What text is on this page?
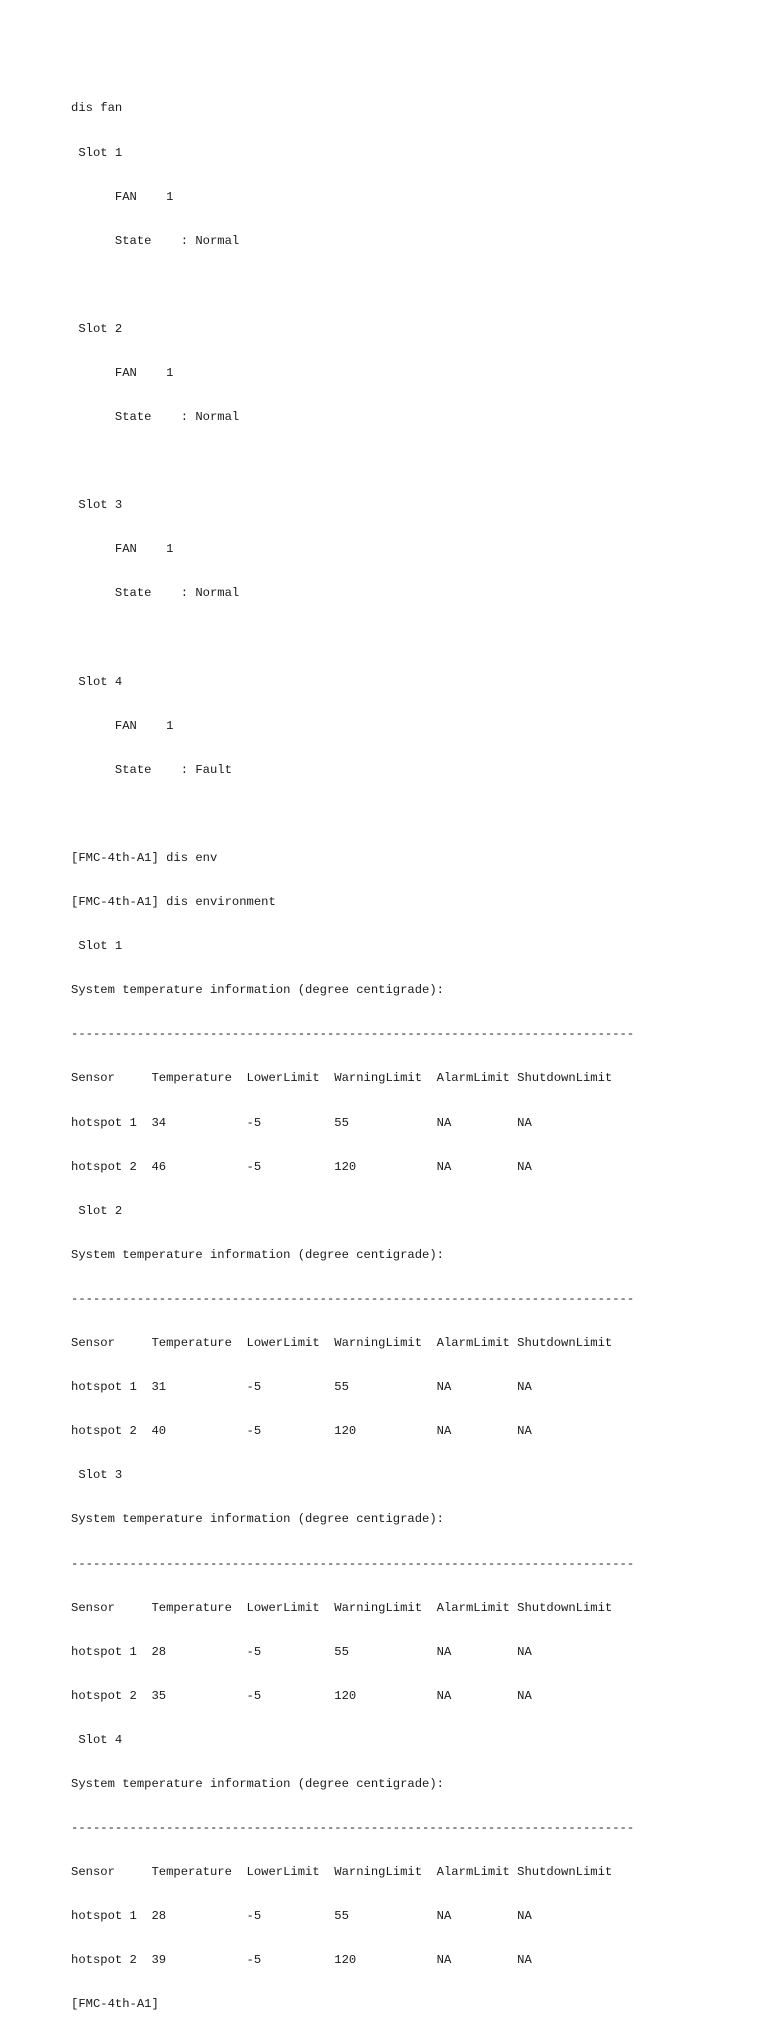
dis fan

Slot 1

FAN    1

State    : Normal

Slot 2

FAN    1

State    : Normal

Slot 3

FAN    1

State    : Normal

Slot 4

FAN    1

State    : Fault

[FMC-4th-A1] dis env

[FMC-4th-A1] dis environment

Slot 1

System temperature information (degree centigrade):

-----------------------------------------------------------------------------

Sensor     Temperature  LowerLimit  WarningLimit  AlarmLimit ShutdownLimit

hotspot 1  34           -5          55            NA         NA

hotspot 2  46           -5          120           NA         NA

Slot 2

System temperature information (degree centigrade):

-----------------------------------------------------------------------------

Sensor     Temperature  LowerLimit  WarningLimit  AlarmLimit ShutdownLimit

hotspot 1  31           -5          55            NA         NA

hotspot 2  40           -5          120           NA         NA

Slot 3

System temperature information (degree centigrade):

-----------------------------------------------------------------------------

Sensor     Temperature  LowerLimit  WarningLimit  AlarmLimit ShutdownLimit

hotspot 1  28           -5          55            NA         NA

hotspot 2  35           -5          120           NA         NA

Slot 4

System temperature information (degree centigrade):

-----------------------------------------------------------------------------

Sensor     Temperature  LowerLimit  WarningLimit  AlarmLimit ShutdownLimit

hotspot 1  28           -5          55            NA         NA

hotspot 2  39           -5          120           NA         NA

[FMC-4th-A1]
